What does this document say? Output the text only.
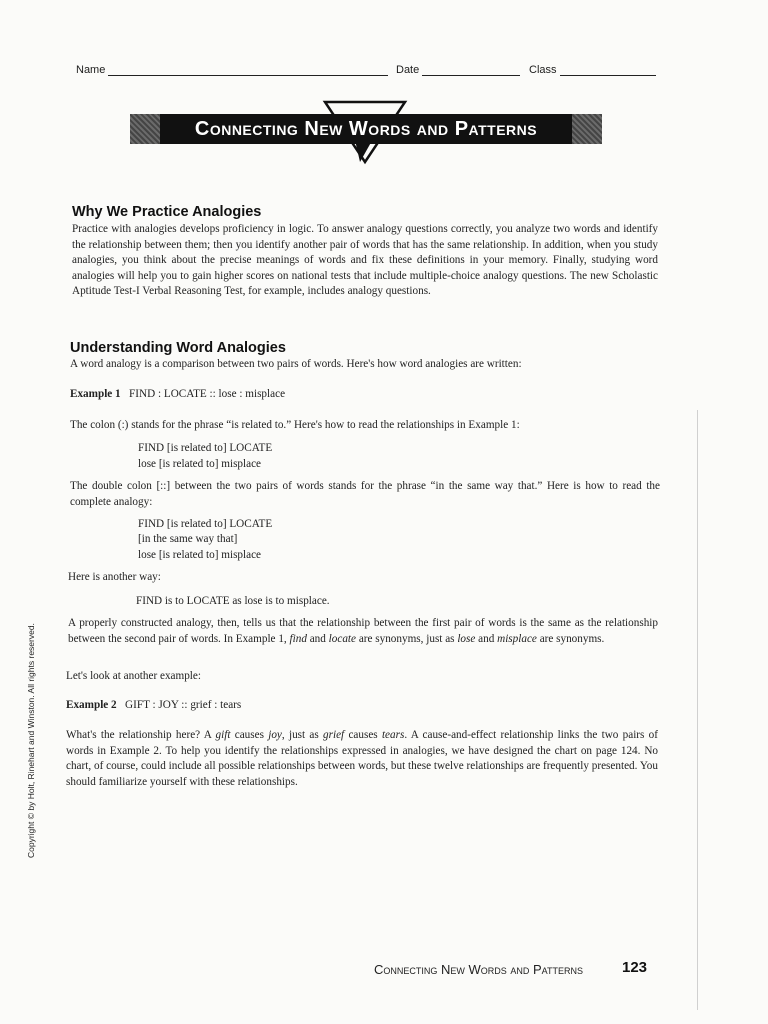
Name	Date	Class
Connecting New Words and Patterns
Why We Practice Analogies

Practice with analogies develops proficiency in logic. To answer analogy questions correctly, you analyze two words and identify the relationship between them; then you identify another pair of words that has the same relationship. In addition, when you study analogies, you think about the precise meanings of words and fix these definitions in your memory. Finally, studying word analogies will help you to gain higher scores on national tests that include multiple-choice analogy questions. The new Scholastic Aptitude Test-I Verbal Reasoning Test, for example, includes analogy questions.

Understanding Word Analogies

A word analogy is a comparison between two pairs of words. Here's how word analogies are written:

Example 1 FIND : LOCATE :: lose : misplace

The colon (:) stands for the phrase “is related to.” Here's how to read the relationships in Example 1:

FIND [is related to] LOCATE
lose [is related to] misplace

The double colon [::] between the two pairs of words stands for the phrase “in the same way that.” Here is how to read the complete analogy:

FIND [is related to] LOCATE
[in the same way that]
lose [is related to] misplace
Here is another way:
FIND is to LOCATE as lose is to misplace.

A properly constructed analogy, then, tells us that the relationship between the first pair of words is the same as the relationship between the second pair of words. In Example 1, find and locate are synonyms, just as lose and misplace are synonyms.

Let's look at another example:
Example 2 GIFT : JOY :: grief : tears

What's the relationship here? A gift causes joy, just as grief causes tears. A cause-and-effect relationship links the two pairs of words in Example 2. To help you identify the relationships expressed in analogies, we have designed the chart on page 124. No chart, of course, could include all possible relationships between words, but these twelve relationships are frequently presented. You should familiarize yourself with these relationships.

Copyright © by Holt, Rinehart and Winston. All rights reserved.
Connecting New Words and Patterns	123
